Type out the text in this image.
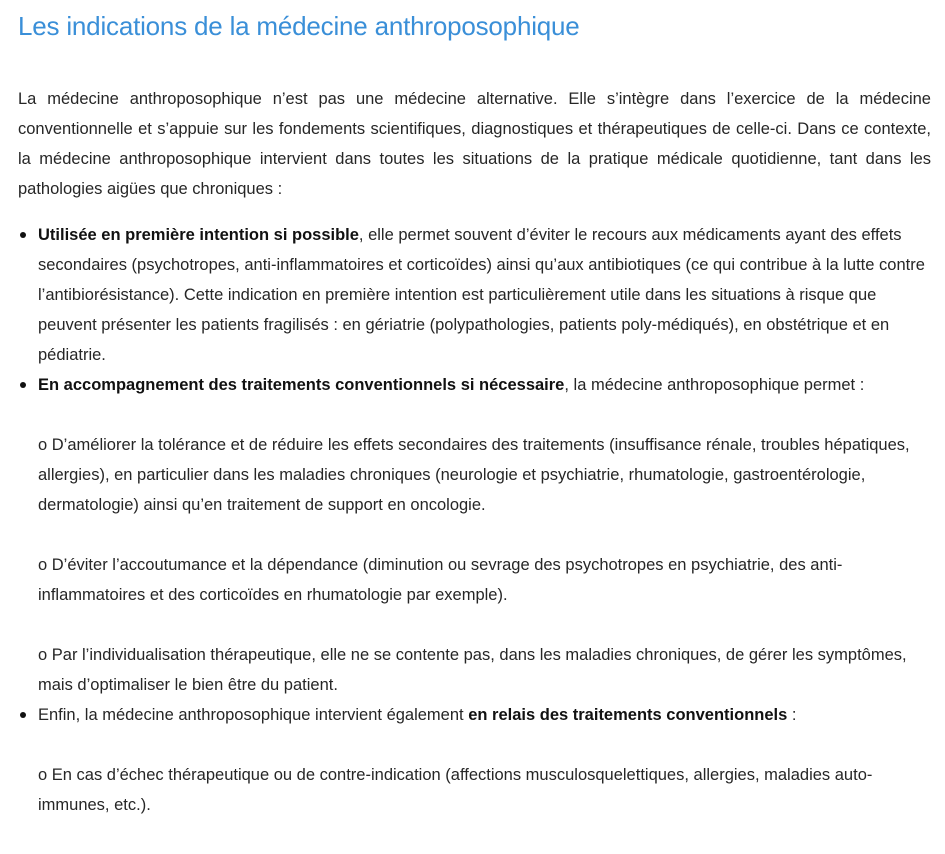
Les indications de la médecine anthroposophique

La médecine anthroposophique n’est pas une médecine alternative. Elle s’intègre dans l’exercice de la médecine conventionnelle et s’appuie sur les fondements scientifiques, diagnostiques et thérapeutiques de celle-ci. Dans ce contexte, la médecine anthroposophique intervient dans toutes les situations de la pratique médicale quotidienne, tant dans les pathologies aigües que chroniques :

Utilisée en première intention si possible, elle permet souvent d’éviter le recours aux médicaments ayant des effets secondaires (psychotropes, anti-inflammatoires et corticoïdes) ainsi qu’aux antibiotiques (ce qui contribue à la lutte contre l’antibiorésistance). Cette indication en première intention est particulièrement utile dans les situations à risque que peuvent présenter les patients fragilisés : en gériatrie (polypathologies, patients poly-médiqués), en obstétrique et en pédiatrie.
En accompagnement des traitements conventionnels si nécessaire, la médecine anthroposophique permet :

o D’améliorer la tolérance et de réduire les effets secondaires des traitements (insuffisance rénale, troubles hépatiques, allergies), en particulier dans les maladies chroniques (neurologie et psychiatrie, rhumatologie, gastroentérologie, dermatologie) ainsi qu’en traitement de support en oncologie.

o D’éviter l’accoutumance et la dépendance (diminution ou sevrage des psychotropes en psychiatrie, des anti-inflammatoires et des corticoïdes en rhumatologie par exemple).

o Par l’individualisation thérapeutique, elle ne se contente pas, dans les maladies chroniques, de gérer les symptômes, mais d’optimaliser le bien être du patient.

Enfin, la médecine anthroposophique intervient également en relais des traitements conventionnels :

o En cas d’échec thérapeutique ou de contre-indication (affections musculosquelettiques, allergies, maladies auto-immunes, etc.).
